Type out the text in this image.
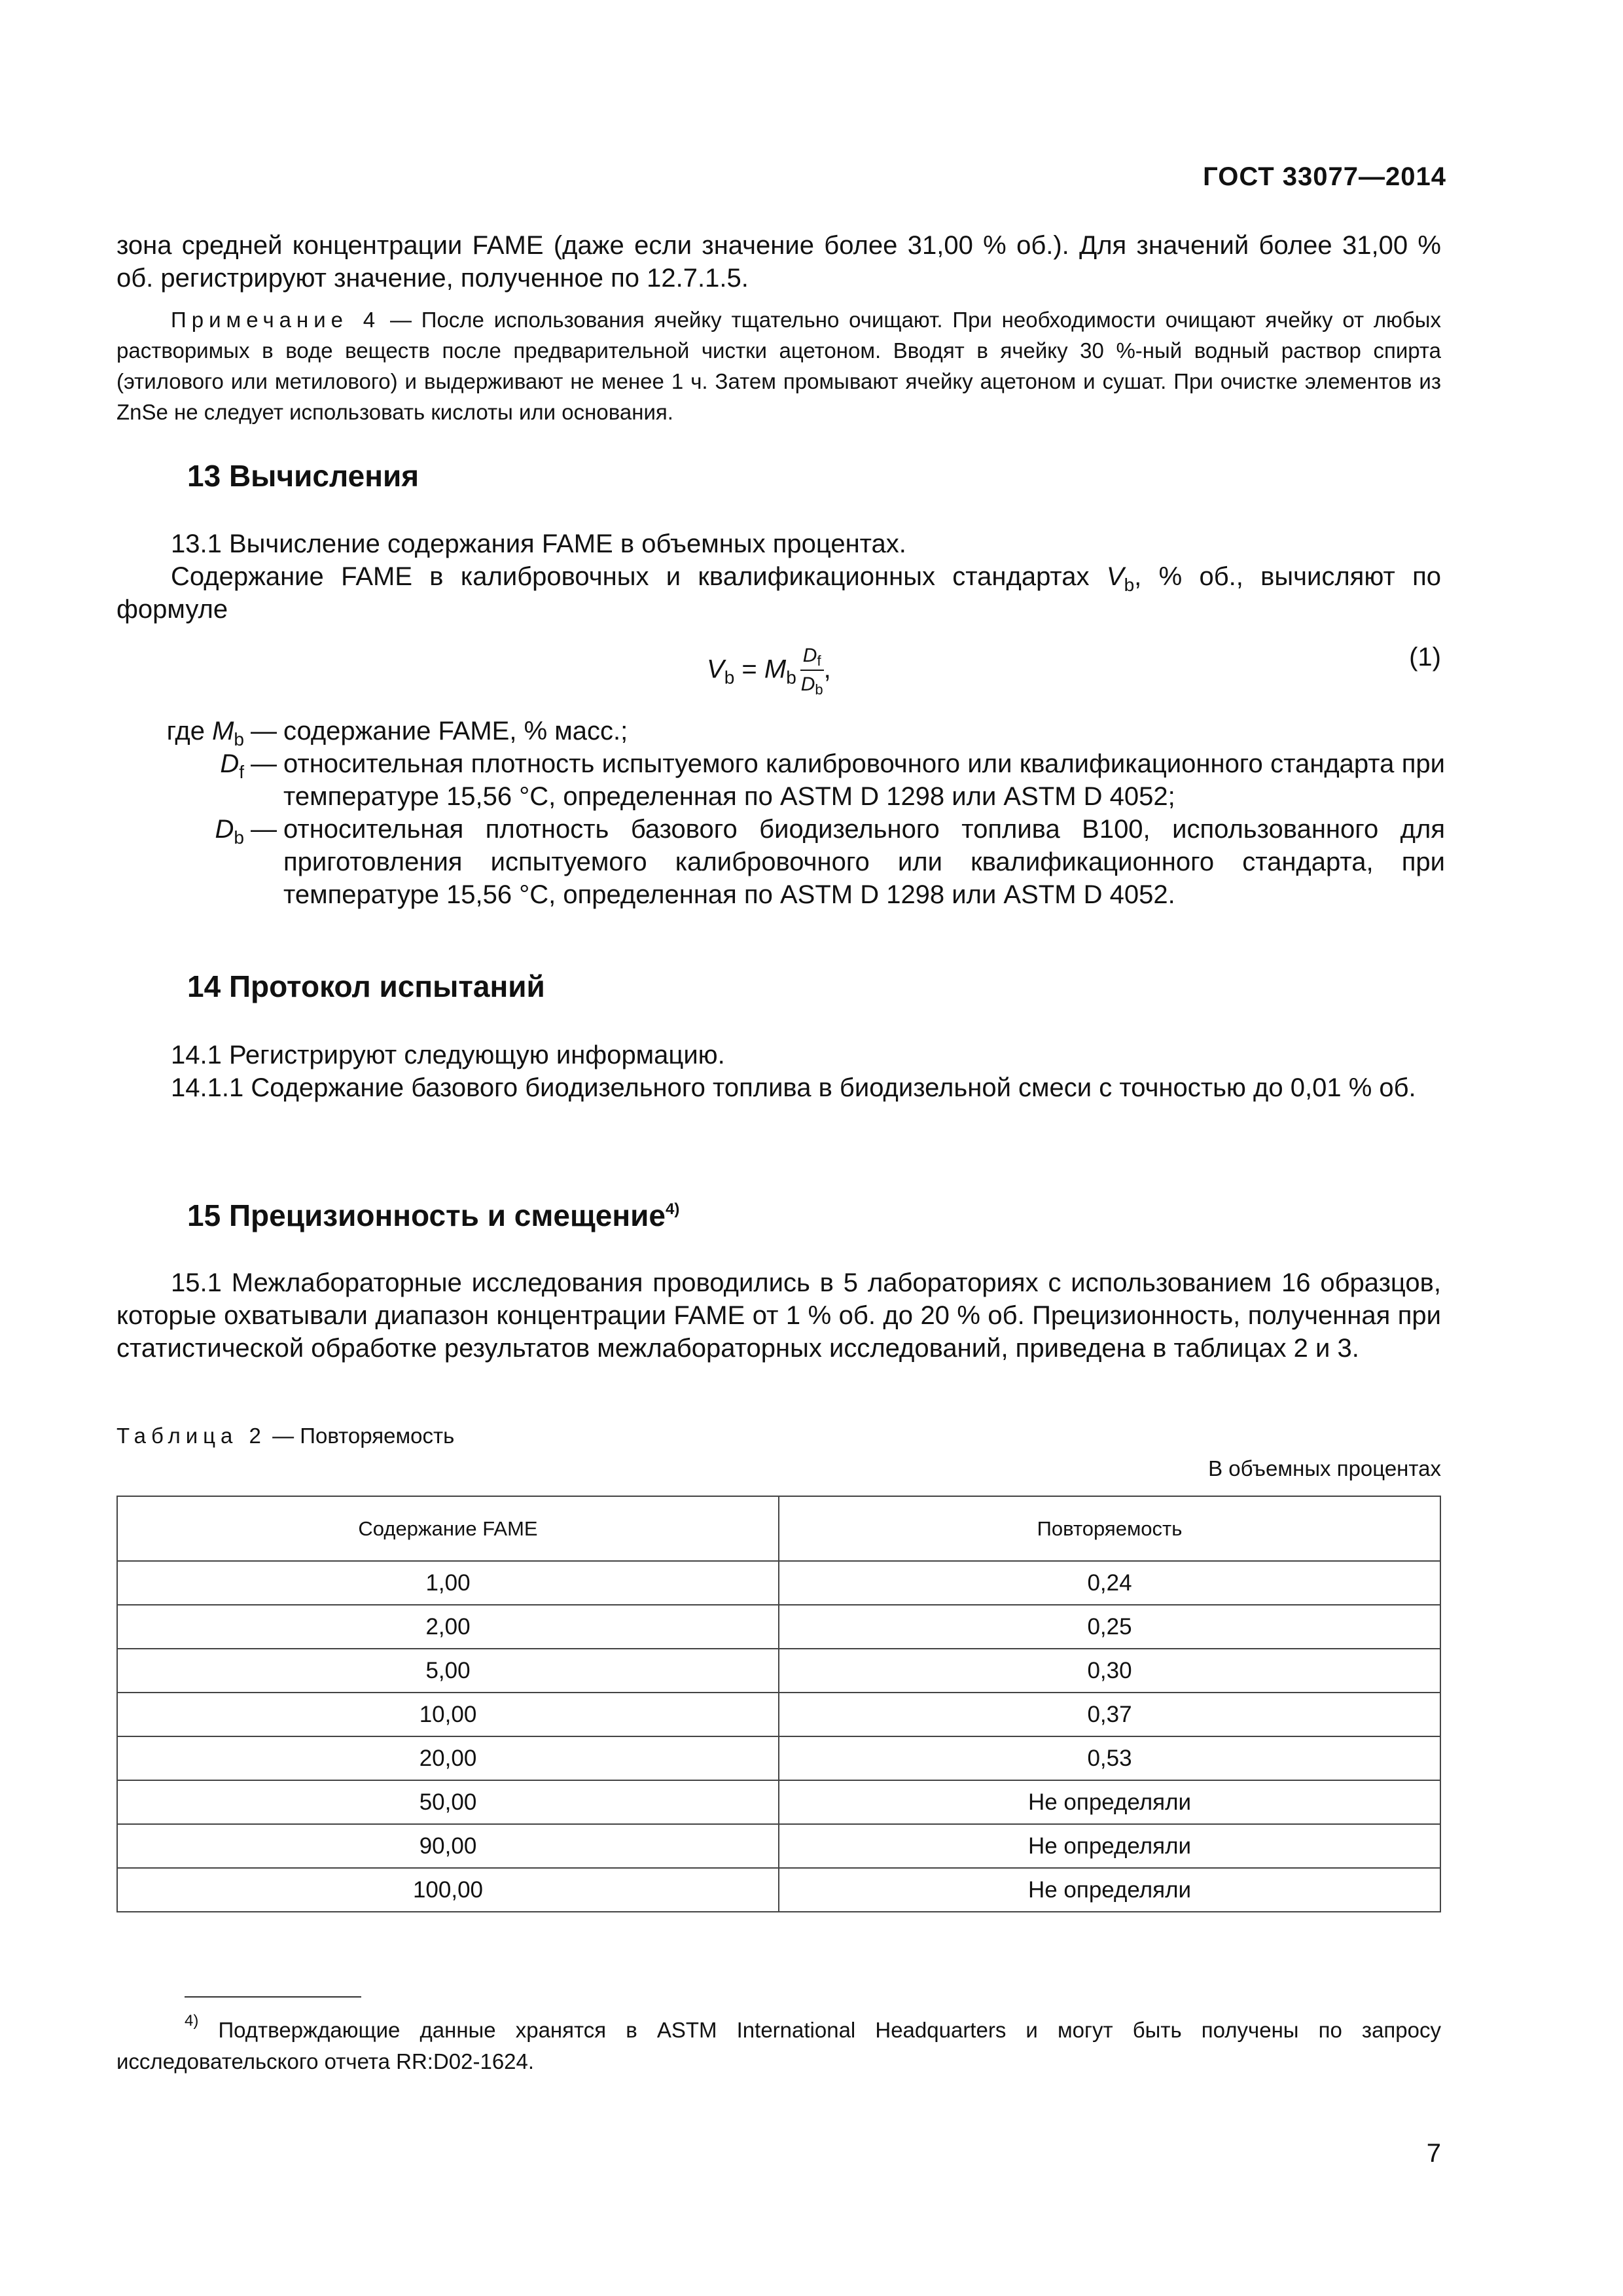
ГОСТ 33077—2014
зона средней концентрации FAME (даже если значение более 31,00 % об.). Для значений более 31,00 % об. регистрируют значение, полученное по 12.7.1.5.
Примечание 4 — После использования ячейку тщательно очищают. При необходимости очищают ячейку от любых растворимых в воде веществ после предварительной чистки ацетоном. Вводят в ячейку 30 %-ный водный раствор спирта (этилового или метилового) и выдерживают не менее 1 ч. Затем промывают ячейку ацетоном и сушат. При очистке элементов из ZnSe не следует использовать кислоты или основания.
13 Вычисления
13.1 Вычисление содержания FAME в объемных процентах.
Содержание FAME в калибровочных и квалификационных стандартах $V_b$, % об., вычисляют по формуле
$V_b = M_b \frac{D_f}{D_b}$ ,	(1)
где $M_b$ — содержание FAME, % масс.;
$D_f$ — относительная плотность испытуемого калибровочного или квалификационного стандарта при температуре 15,56 °С, определенная по ASTM D 1298 или ASTM D 4052;
$D_b$ — относительная плотность базового биодизельного топлива В100, использованного для приготовления испытуемого калибровочного или квалификационного стандарта, при температуре 15,56 °С, определенная по ASTM D 1298 или ASTM D 4052.
14 Протокол испытаний
14.1 Регистрируют следующую информацию.
14.1.1 Содержание базового биодизельного топлива в биодизельной смеси с точностью до 0,01 % об.
15 Прецизионность и смещение$^{4)}$
15.1 Межлабораторные исследования проводились в 5 лабораториях с использованием 16 образцов, которые охватывали диапазон концентрации FAME от 1 % об. до 20 % об. Прецизионность, полученная при статистической обработке результатов межлабораторных исследований, приведена в таблицах 2 и 3.
Таблица 2 — Повторяемость
В объемных процентах
Содержание FAME	Повторяемость
1,00	0,24
2,00	0,25
5,00	0,30
10,00	0,37
20,00	0,53
50,00	Не определяли
90,00	Не определяли
100,00	Не определяли
$^{4)}$ Подтверждающие данные хранятся в ASTM International Headquarters и могут быть получены по запросу исследовательского отчета RR:D02-1624.
7
